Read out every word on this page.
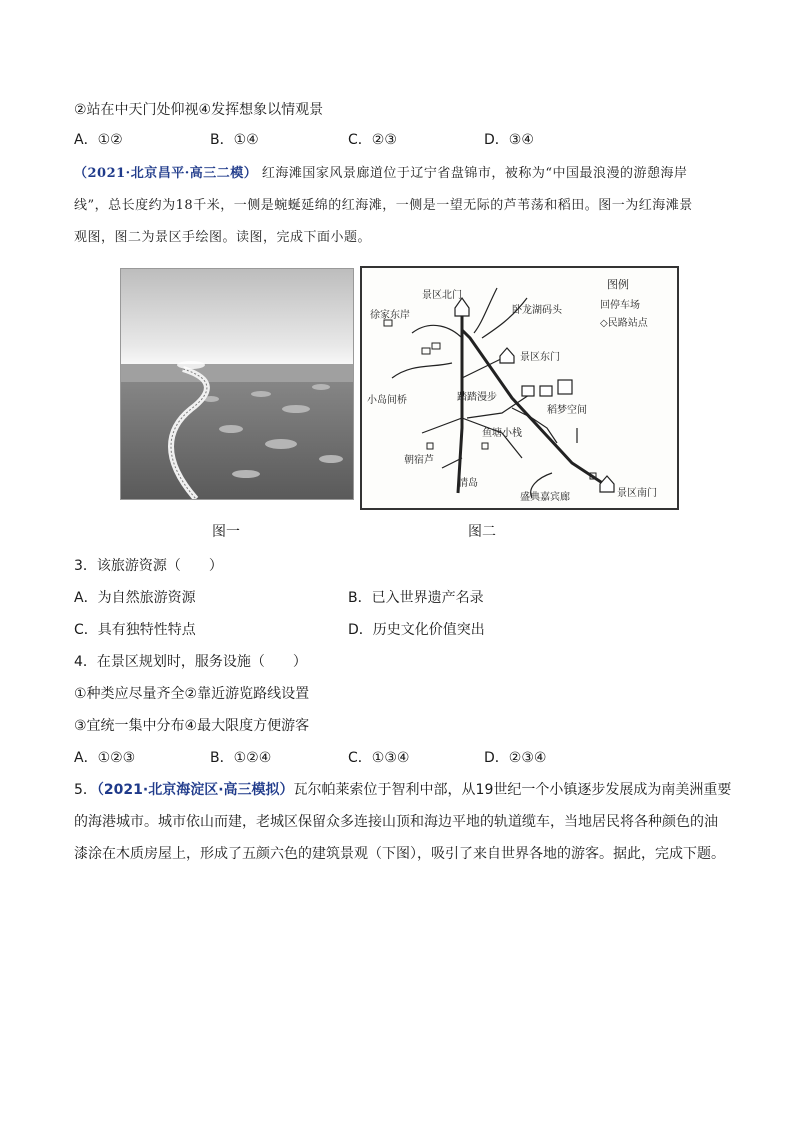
②站在中天门处仰视④发挥想象以情观景
A．①②	B．①④	C．②③	D．③④
（2021·北京昌平·高三二模） 红海滩国家风景廊道位于辽宁省盘锦市，被称为“中国最浪漫的游憩海岸
线”，总长度约为18千米，一侧是蜿蜒延绵的红海滩，一侧是一望无际的芦苇荡和稻田。图一为红海滩景
观图，图二为景区手绘图。读图，完成下面小题。
景区北门
卧龙湖码头
徐家东岸
景区东门
小岛间桥	踏踏漫步
稻梦空间
鱼塘小栈
朝宿芦
情岛
盛典嘉宾廊	景区南门
图例
回停车场
◇民路站点
图一	图二
3．该旅游资源（　　）
A．为自然旅游资源	B．已入世界遗产名录
C．具有独特性特点	D．历史文化价值突出
4．在景区规划时，服务设施（　　）
①种类应尽量齐全②靠近游览路线设置
③宜统一集中分布④最大限度方便游客
A．①②③	B．①②④	C．①③④	D．②③④
5．（2021·北京海淀区·高三模拟）瓦尔帕莱索位于智利中部，从19世纪一个小镇逐步发展成为南美洲重要
的海港城市。城市依山而建，老城区保留众多连接山顶和海边平地的轨道缆车，当地居民将各种颜色的油
漆涂在木质房屋上，形成了五颜六色的建筑景观（下图），吸引了来自世界各地的游客。据此，完成下题。
